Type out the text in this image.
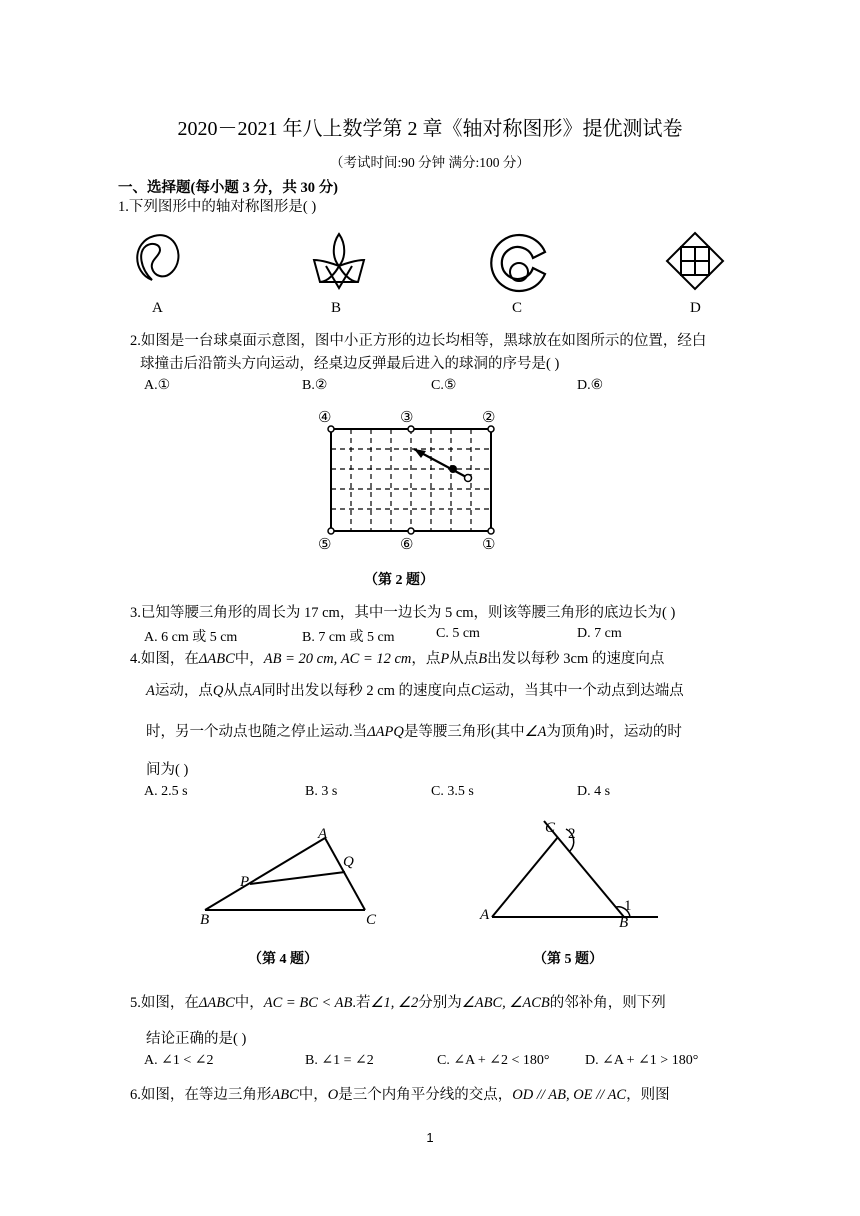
2020－2021 年八上数学第 2 章《轴对称图形》提优测试卷
（考试时间:90 分钟 满分:100 分）
一、选择题(每小题 3 分，共 30 分)
1.下列图形中的轴对称图形是( )
A	B	C	D
2.如图是一台球桌面示意图，图中小正方形的边长均相等，黑球放在如图所示的位置，经白
球撞击后沿箭头方向运动，经桌边反弹最后进入的球洞的序号是( )
A.①	B.②	C.⑤	D.⑥
④	③	②
⑤	⑥	①
（第 2 题）
3.已知等腰三角形的周长为 17 cm，其中一边长为 5 cm，则该等腰三角形的底边长为( )
A. 6 cm 或 5 cm	B. 7 cm 或 5 cm	C. 5 cm	D. 7 cm
4.如图，在ΔABC中，AB = 20 cm, AC = 12 cm，点P从点B出发以每秒 3cm 的速度向点
A运动，点Q从点A同时出发以每秒 2 cm 的速度向点C运动，当其中一个动点到达端点
时，另一个动点也随之停止运动.当ΔAPQ是等腰三角形(其中∠A为顶角)时，运动的时
间为( )
A. 2.5 s	B. 3 s	C. 3.5 s	D. 4 s
A
Q
P
B	C
（第 4 题）
C 2
A	B
1
（第 5 题）
5.如图，在ΔABC中，AC = BC < AB.若∠1, ∠2分别为∠ABC, ∠ACB的邻补角，则下列
结论正确的是( )
A. ∠1 < ∠2	B. ∠1 = ∠2	C. ∠A + ∠2 < 180°	D. ∠A + ∠1 > 180°
6.如图，在等边三角形ABC中，O是三个内角平分线的交点，OD // AB, OE // AC，则图
1
